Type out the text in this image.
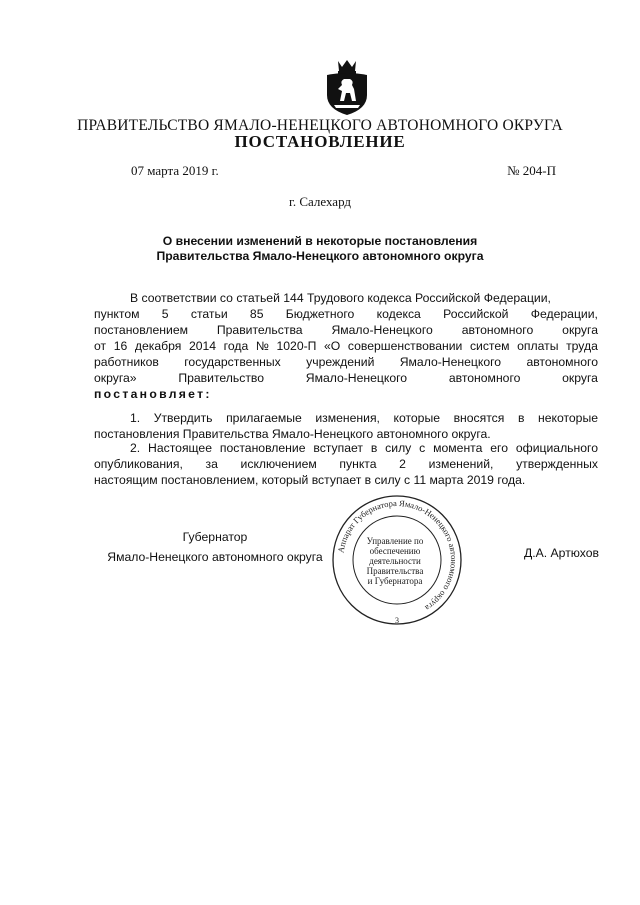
ПРАВИТЕЛЬСТВО ЯМАЛО-НЕНЕЦКОГО АВТОНОМНОГО ОКРУГА
ПОСТАНОВЛЕНИЕ
07 марта 2019 г.	№ 204-П
г. Салехард
О внесении изменений в некоторые постановления
Правительства Ямало-Ненецкого автономного округа
В соответствии со статьей 144 Трудового кодекса Российской Федерации,
пунктом 5 статьи 85 Бюджетного кодекса Российской Федерации,
постановлением Правительства Ямало-Ненецкого автономного округа
от 16 декабря 2014 года № 1020-П «О совершенствовании систем оплаты труда
работников государственных учреждений Ямало-Ненецкого автономного
округа»	Правительство	Ямало-Ненецкого	автономного	округа
постановляет:
1. Утвердить прилагаемые изменения, которые вносятся в некоторые
постановления Правительства Ямало-Ненецкого автономного округа.
2. Настоящее постановление вступает в силу с момента его официального
опубликования, за исключением пункта 2 изменений, утвержденных
настоящим постановлением, который вступает в силу с 11 марта 2019 года.
Губернатор
Ямало-Ненецкого автономного округа	Д.А. Артюхов
Аппарат Губернатора Ямало-Ненецкого автономного округа
3
Управление по
обеспечению
деятельности
Правительства
и Губернатора
